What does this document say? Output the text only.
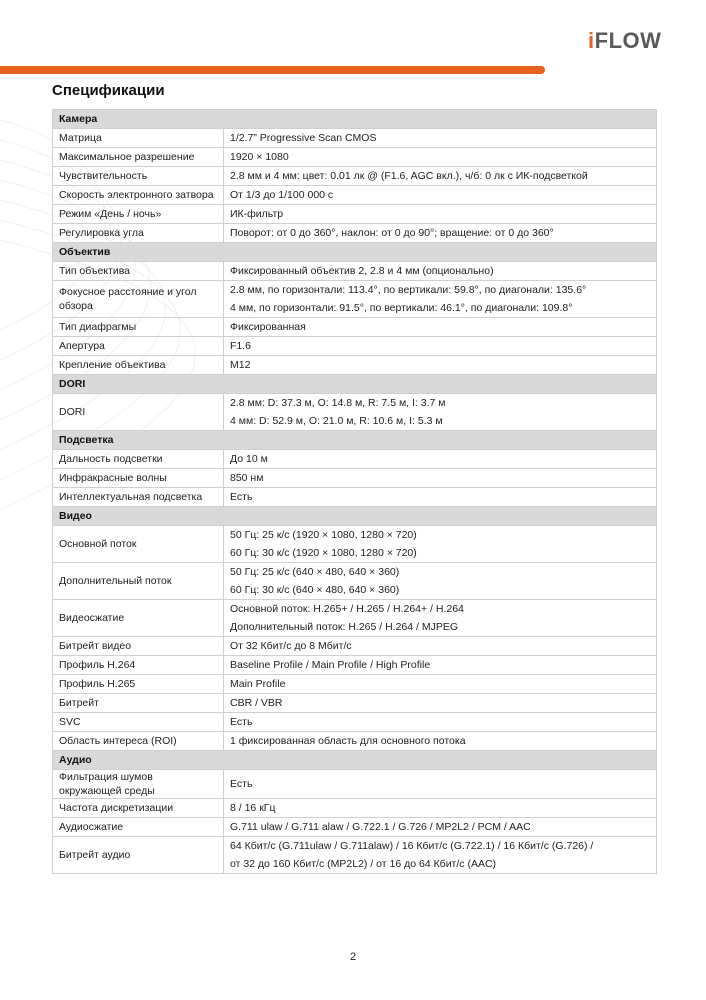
i FLOW
Спецификации
Камера	
Матрица	1/2.7” Progressive Scan CMOS

Максимальное разрешение	1920 × 1080

Чувствительность	2.8 мм и 4 мм: цвет: 0.01 лк @ (F1.6, AGC вкл.), ч/б: 0 лк с ИК-подсветкой

Скорость электронного затвора	От 1/3 до 1/100 000 с

Режим «День / ночь»	ИК-фильтр

Регулировка угла	Поворот: от 0 до 360°, наклон: от 0 до 90°; вращение: от 0 до 360°

Объектив	
Тип объектива	Фиксированный объектив 2, 2.8 и 4 мм (опционально)

Фокусное расстояние и угол обзора	2.8 мм, по горизонтали: 113.4°, по вертикали: 59.8°, по диагонали: 135.6°
4 мм, по горизонтали: 91.5°, по вертикали: 46.1°, по диагонали: 109.8°

Тип диафрагмы	Фиксированная

Апертура	F1.6

Крепление объектива	M12

DORI	
DORI	2.8 мм: D: 37.3 м, O: 14.8 м, R: 7.5 м, I: 3.7 м
4 мм: D: 52.9 м, O: 21.0 м, R: 10.6 м, I: 5.3 м

Подсветка	
Дальность подсветки	До 10 м

Инфракрасные волны	850 нм

Интеллектуальная подсветка	Есть

Видео	
Основной поток	50 Гц: 25 к/с (1920 × 1080, 1280 × 720)
60 Гц: 30 к/с (1920 × 1080, 1280 × 720)

Дополнительный поток	50 Гц: 25 к/с (640 × 480, 640 × 360)
60 Гц: 30 к/с (640 × 480, 640 × 360)

Видеосжатие	Основной поток: H.265+ / H.265 / H.264+ / H.264
Дополнительный поток: H.265 / H.264 / MJPEG

Битрейт видео	От 32 Кбит/с до 8 Мбит/с

Профиль H.264	Baseline Profile / Main Profile / High Profile

Профиль H.265	Main Profile

Битрейт	CBR / VBR

SVC	Есть

Область интереса (ROI)	1 фиксированная область для основного потока

Аудио	
Фильтрация шумов окружающей среды	Есть

Частота дискретизации	8 / 16 кГц

Аудиосжатие	G.711 ulaw / G.711 alaw / G.722.1 / G.726 / MP2L2 / PCM / AAC

Битрейт аудио	64 Кбит/с (G.711ulaw / G.711alaw) / 16 Кбит/с (G.722.1) / 16 Кбит/с (G.726) /
от 32 до 160 Кбит/с (MP2L2) / от 16 до 64 Кбит/с (AAC)
2
